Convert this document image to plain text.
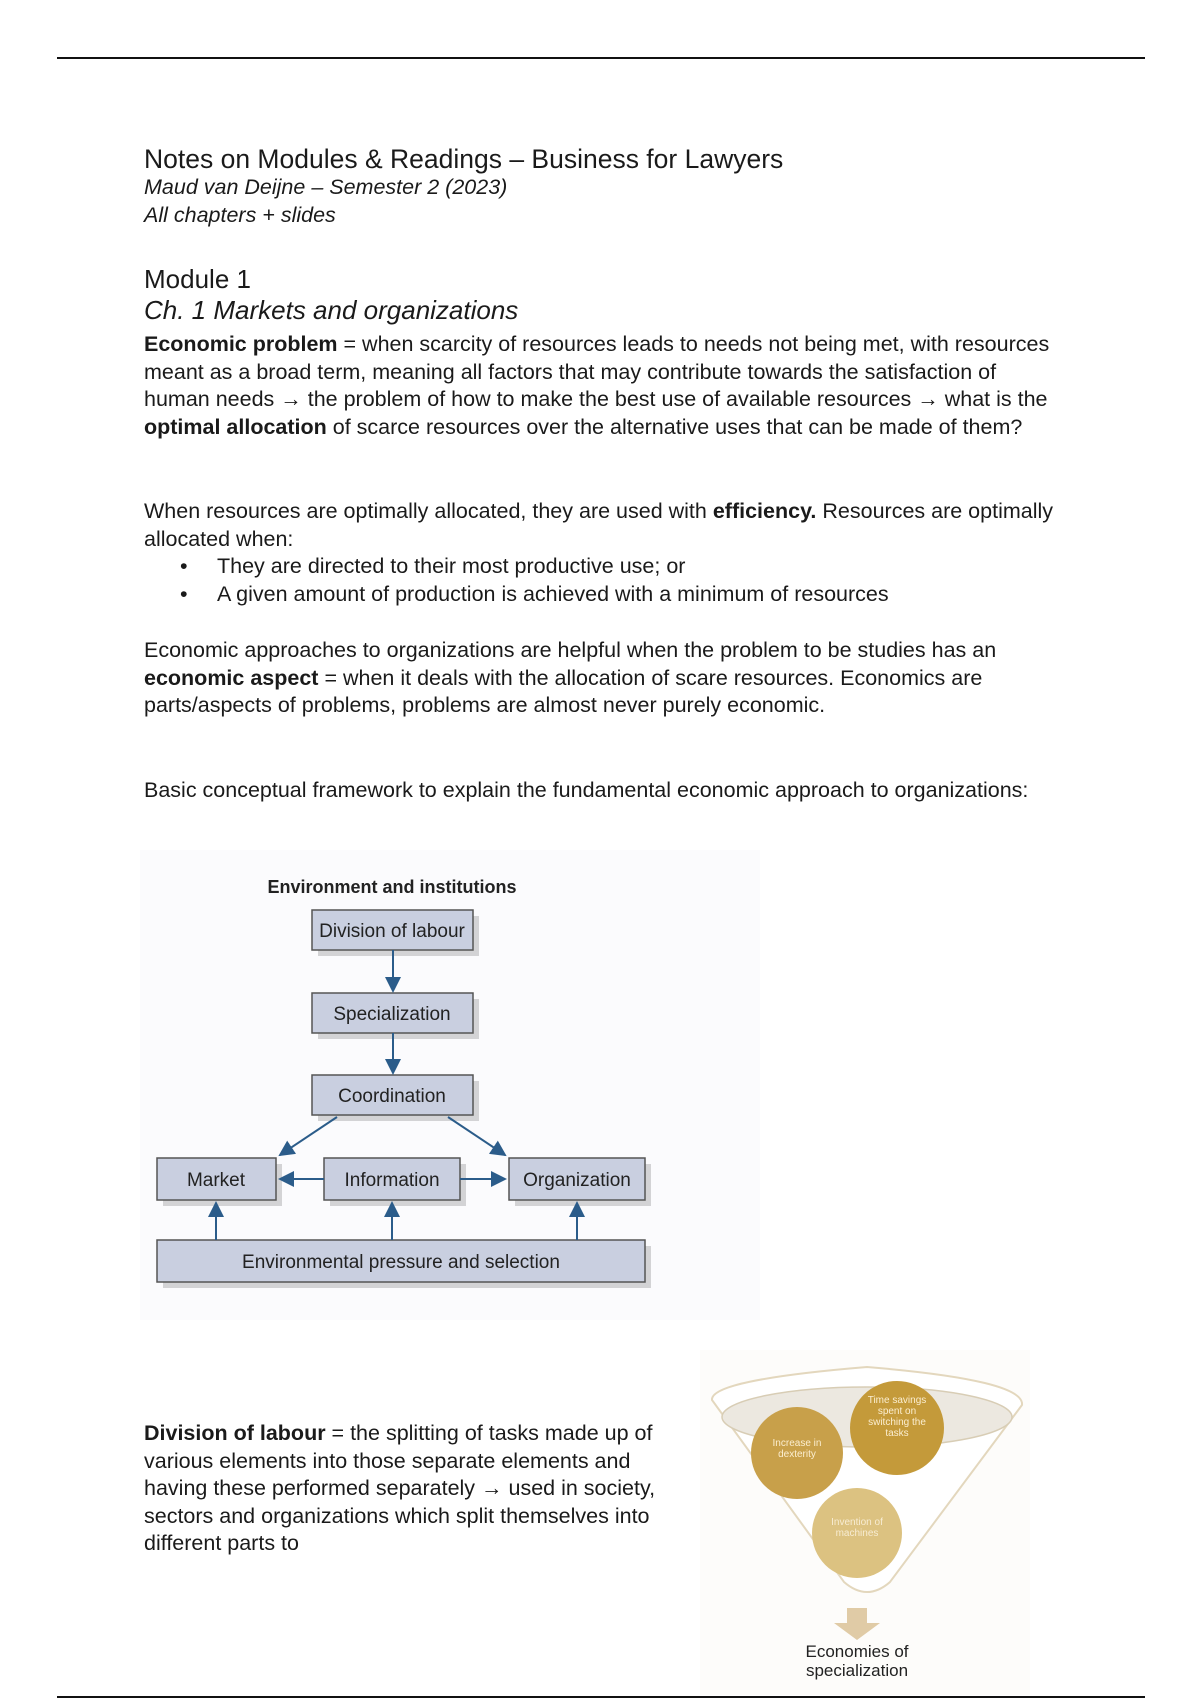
Notes on Modules & Readings – Business for Lawyers
Maud van Deijne – Semester 2 (2023)
All chapters + slides
Module 1
Ch. 1 Markets and organizations
Economic problem = when scarcity of resources leads to needs not being met, with resources meant as a broad term, meaning all factors that may contribute towards the satisfaction of human needs → the problem of how to make the best use of available resources → what is the optimal allocation of scarce resources over the alternative uses that can be made of them?
When resources are optimally allocated, they are used with efficiency. Resources are optimally allocated when:
• They are directed to their most productive use; or
• A given amount of production is achieved with a minimum of resources
Economic approaches to organizations are helpful when the problem to be studies has an economic aspect = when it deals with the allocation of scare resources. Economics are parts/aspects of problems, problems are almost never purely economic.
Basic conceptual framework to explain the fundamental economic approach to organizations:
Environment and institutions
Division of labour
Specialization
Coordination
Market	Information	Organization
Environmental pressure and selection
Division of labour = the splitting of tasks made up of various elements into those separate elements and having these performed separately → used in society, sectors and organizations which split themselves into different parts to
Increase in dexterity
Time savings spent on switching the tasks
Invention of machines
Economies of
specialization
